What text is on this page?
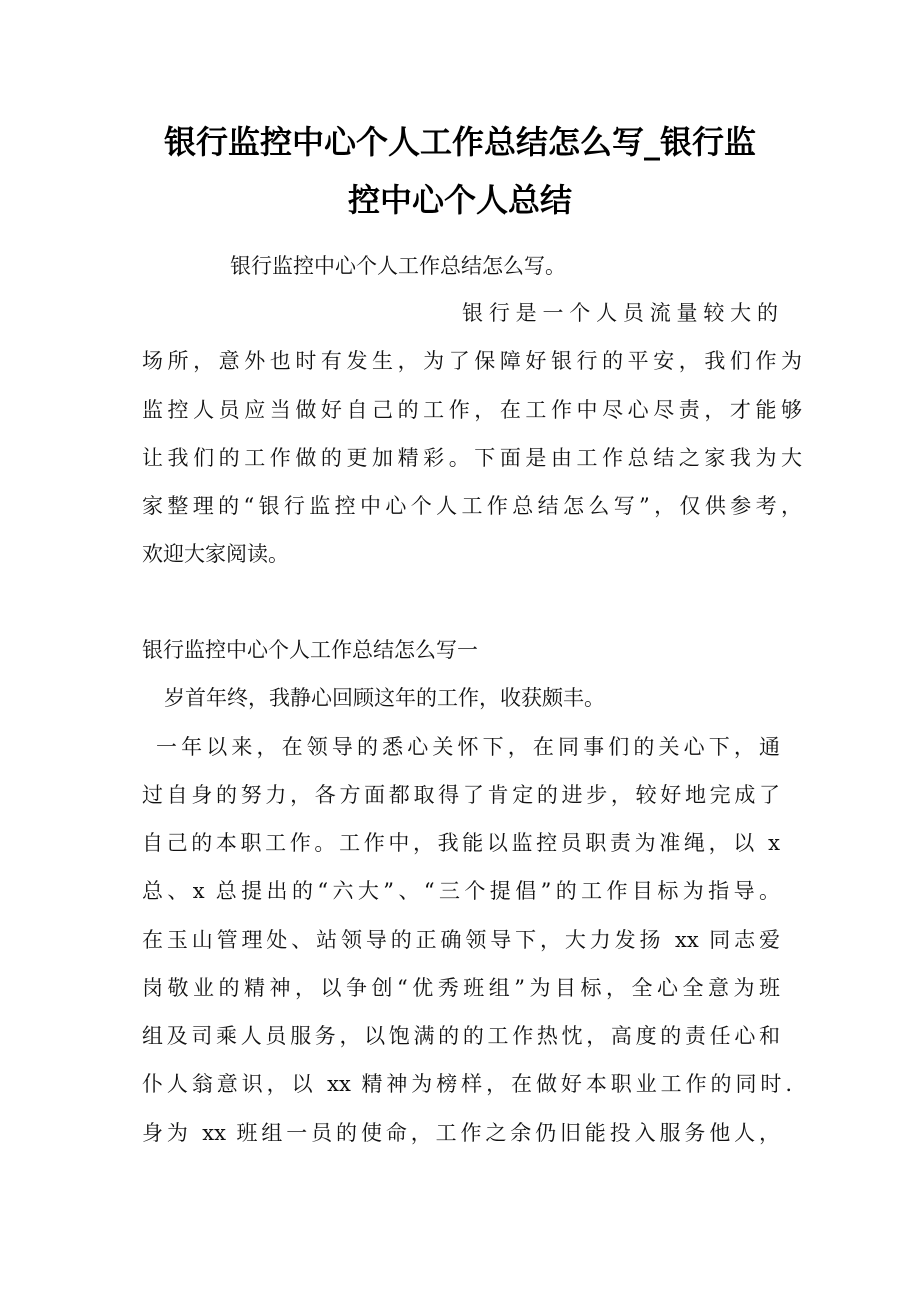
银行监控中心个人工作总结怎么写_银行监
控中心个人总结

银行监控中心个人工作总结怎么写。

银行是一个人员流量较大的

场所，意外也时有发生，为了保障好银行的平安，我们作为

监控人员应当做好自己的工作，在工作中尽心尽责，才能够

让我们的工作做的更加精彩。下面是由工作总结之家我为大

家整理的“银行监控中心个人工作总结怎么写”，仅供参考，

欢迎大家阅读。

银行监控中心个人工作总结怎么写一

岁首年终，我静心回顾这年的工作，收获颇丰。

一年以来，在领导的悉心关怀下，在同事们的关心下，通

过自身的努力，各方面都取得了肯定的进步，较好地完成了

自己的本职工作。工作中，我能以监控员职责为准绳，以 x

总、x 总提出的“六大”、“三个提倡”的工作目标为指导。

在玉山管理处、站领导的正确领导下，大力发扬 xx 同志爱

岗敬业的精神，以争创“优秀班组”为目标，全心全意为班

组及司乘人员服务，以饱满的的工作热忱，高度的责任心和

仆人翁意识，以 xx 精神为榜样，在做好本职业工作的同时.

身为 xx 班组一员的使命，工作之余仍旧能投入服务他人，
